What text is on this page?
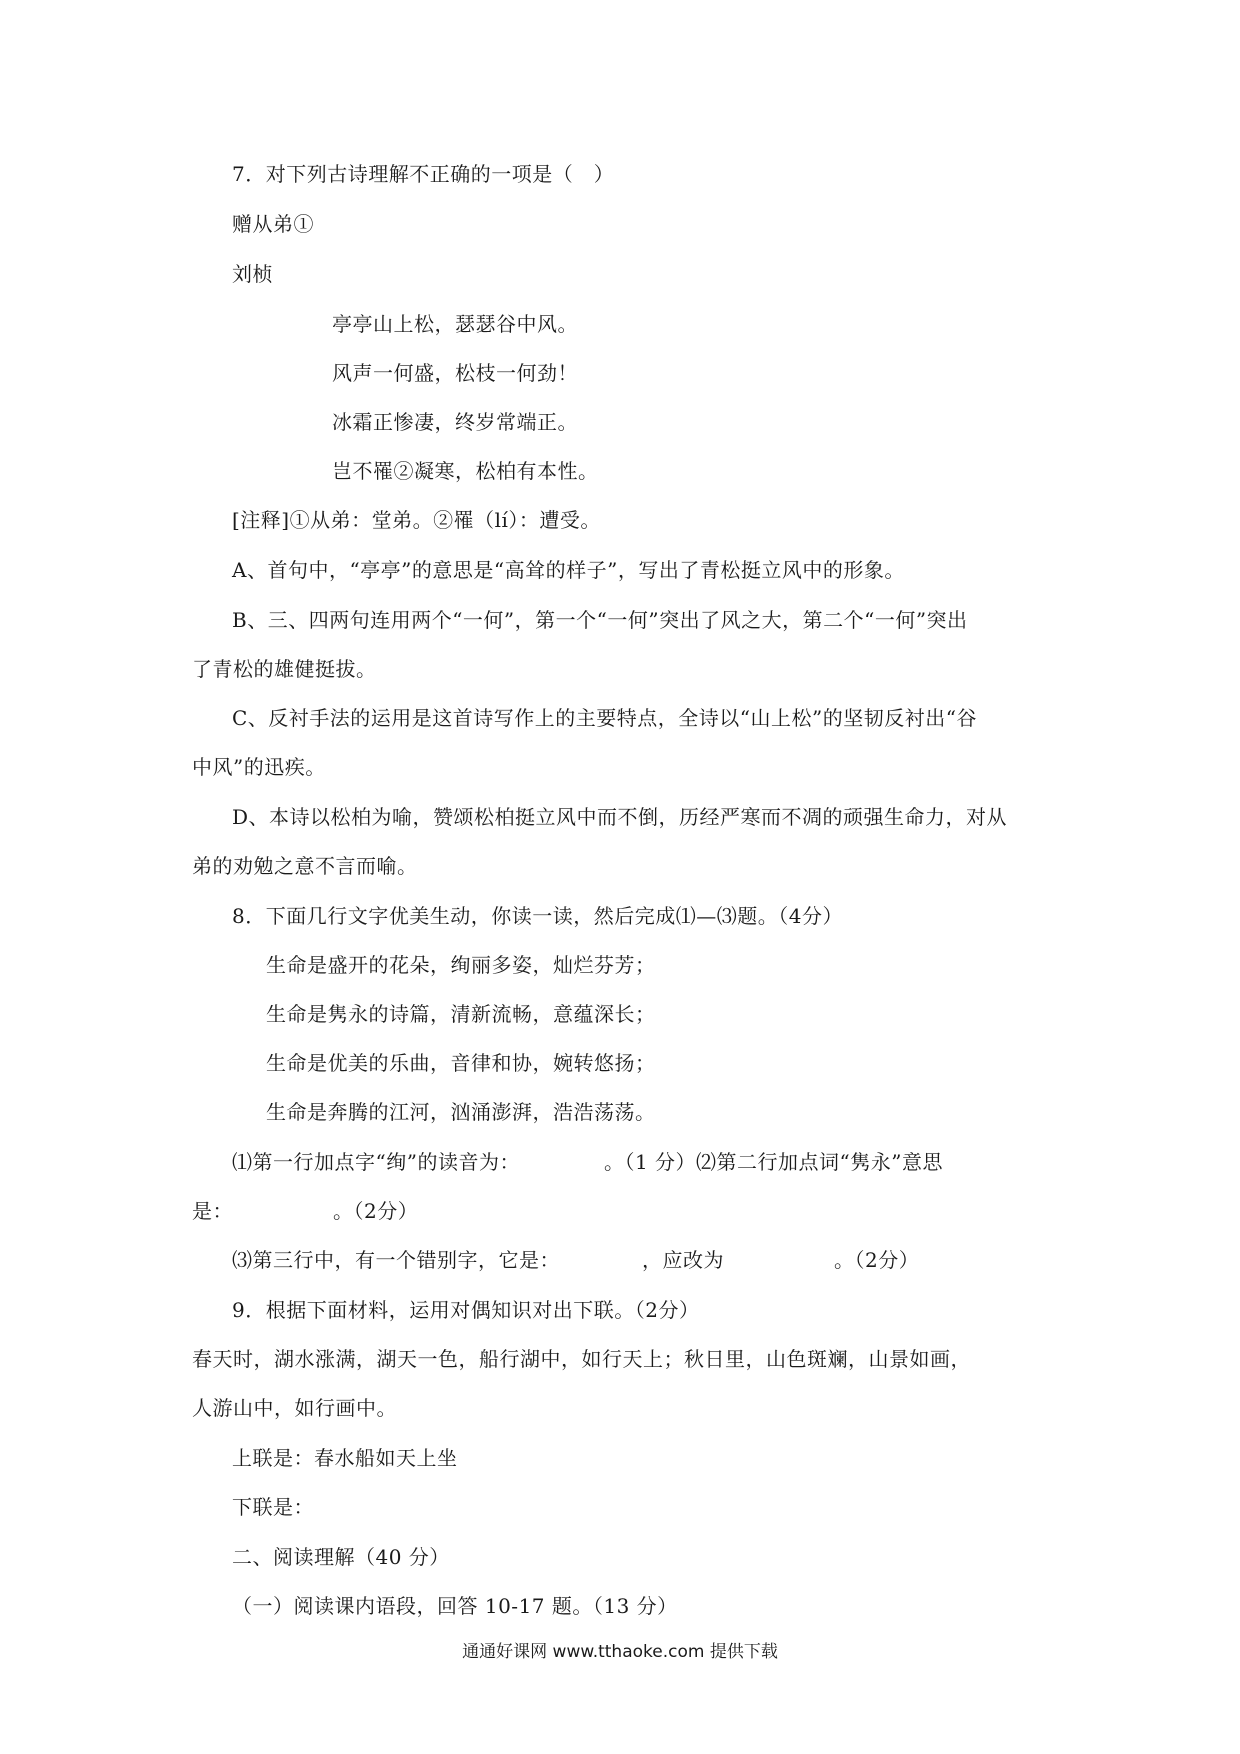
7．对下列古诗理解不正确的一项是（　）
赠从弟①
刘桢
亭亭山上松，瑟瑟谷中风。
风声一何盛，松枝一何劲！
冰霜正惨凄，终岁常端正。
岂不罹②凝寒，松柏有本性。
[注释]①从弟：堂弟。②罹（lí）：遭受。
A、首句中，“亭亭”的意思是“高耸的样子”，写出了青松挺立风中的形象。
B、三、四两句连用两个“一何”，第一个“一何”突出了风之大，第二个“一何”突出
了青松的雄健挺拔。
C、反衬手法的运用是这首诗写作上的主要特点，全诗以“山上松”的坚韧反衬出“谷
中风”的迅疾。
D、本诗以松柏为喻，赞颂松柏挺立风中而不倒，历经严寒而不凋的顽强生命力，对从
弟的劝勉之意不言而喻。
8．下面几行文字优美生动，你读一读，然后完成⑴—⑶题。（4分）
生命是盛开的花朵，绚丽多姿，灿烂芬芳；
生命是隽永的诗篇，清新流畅，意蕴深长；
生命是优美的乐曲，音律和协，婉转悠扬；
生命是奔腾的江河，汹涌澎湃，浩浩荡荡。
⑴第一行加点字“绚”的读音为：	。（1 分）⑵第二行加点词“隽永”意思
是：	。（2分）
⑶第三行中，有一个错别字，它是：	，应改为	。（2分）
9．根据下面材料，运用对偶知识对出下联。（2分）
春天时，湖水涨满，湖天一色，船行湖中，如行天上；秋日里，山色斑斓，山景如画，
人游山中，如行画中。
上联是：春水船如天上坐
下联是：
二、阅读理解（40 分）
（一）阅读课内语段，回答 10-17 题。（13 分）
通通好课网 www.tthaoke.com 提供下载
